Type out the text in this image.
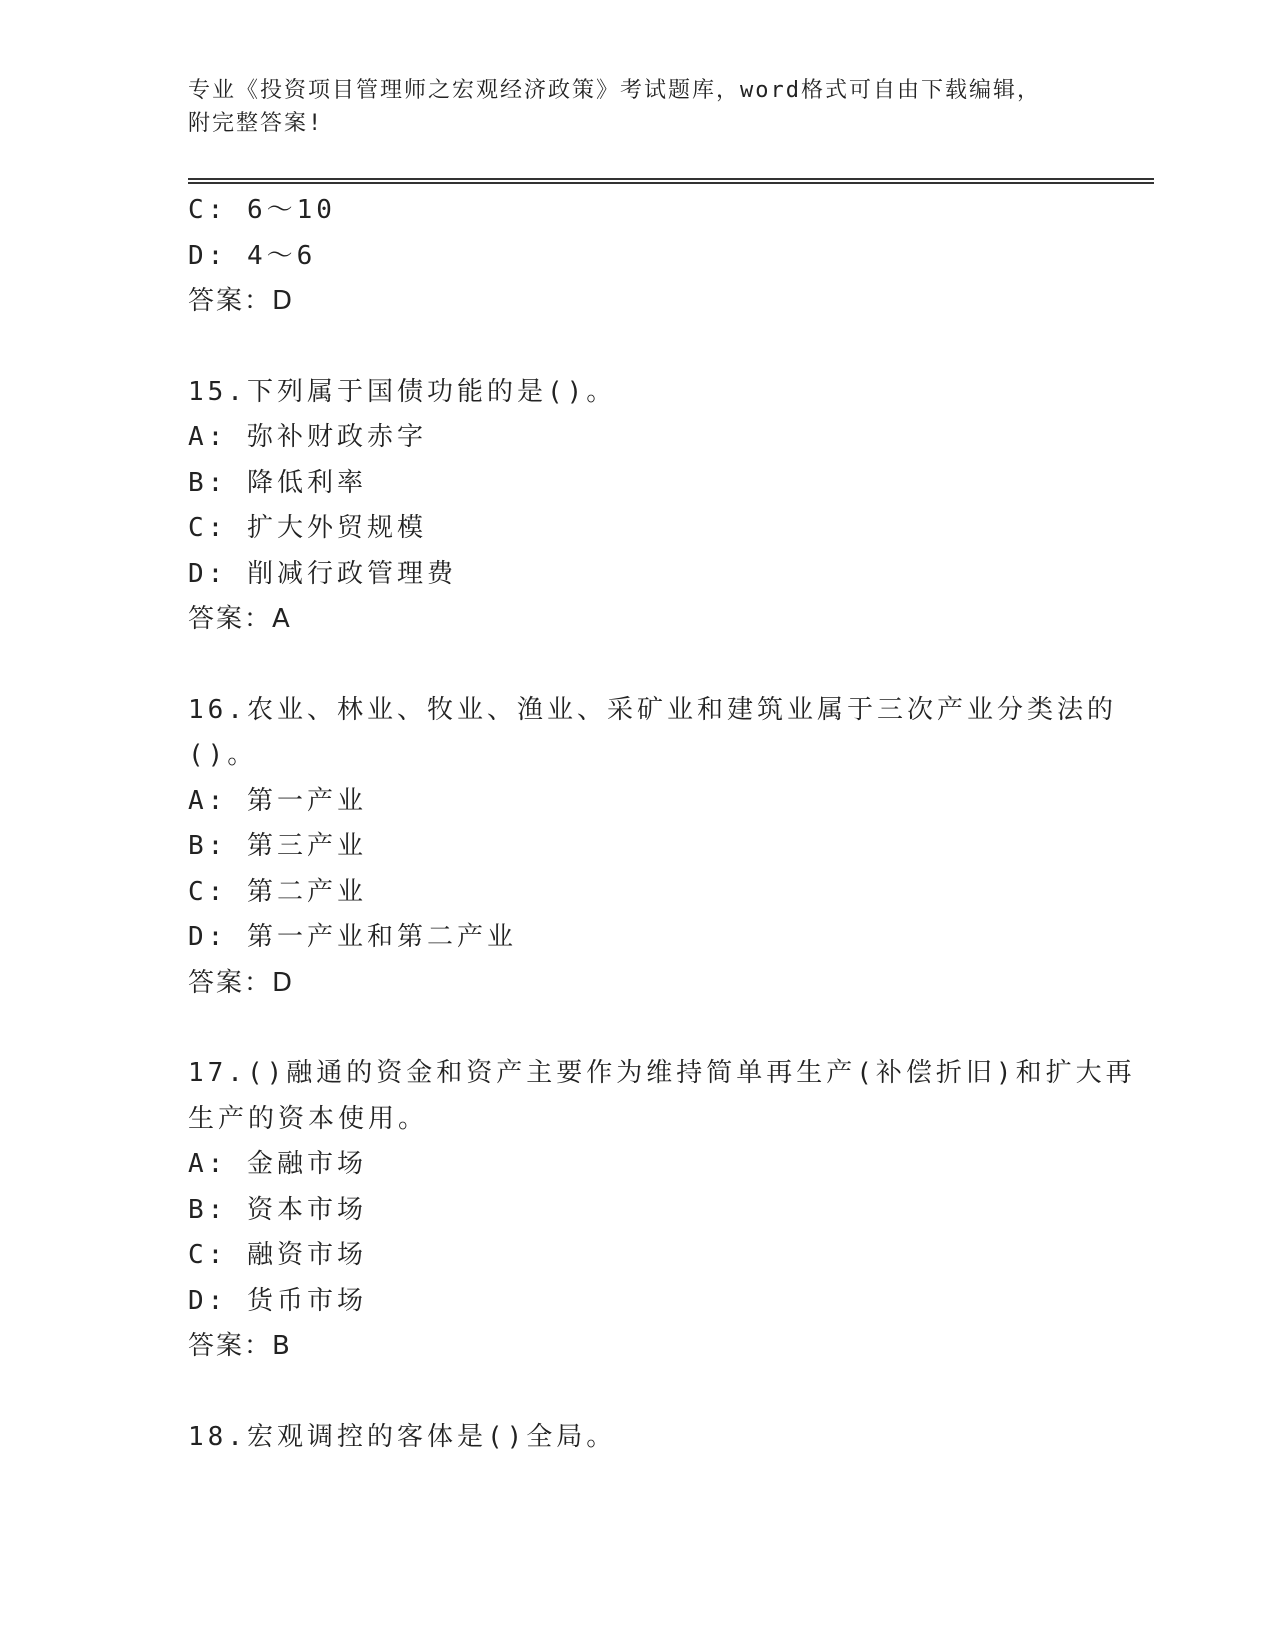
专业《投资项目管理师之宏观经济政策》考试题库，word格式可自由下载编辑，
附完整答案!
C: 6～10
D: 4～6
答案：D
15.下列属于国债功能的是()。
A: 弥补财政赤字
B: 降低利率
C: 扩大外贸规模
D: 削减行政管理费
答案：A
16.农业、林业、牧业、渔业、采矿业和建筑业属于三次产业分类法的
()。
A: 第一产业
B: 第三产业
C: 第二产业
D: 第一产业和第二产业
答案：D
17.()融通的资金和资产主要作为维持简单再生产(补偿折旧)和扩大再
生产的资本使用。
A: 金融市场
B: 资本市场
C: 融资市场
D: 货币市场
答案：B
18.宏观调控的客体是()全局。
